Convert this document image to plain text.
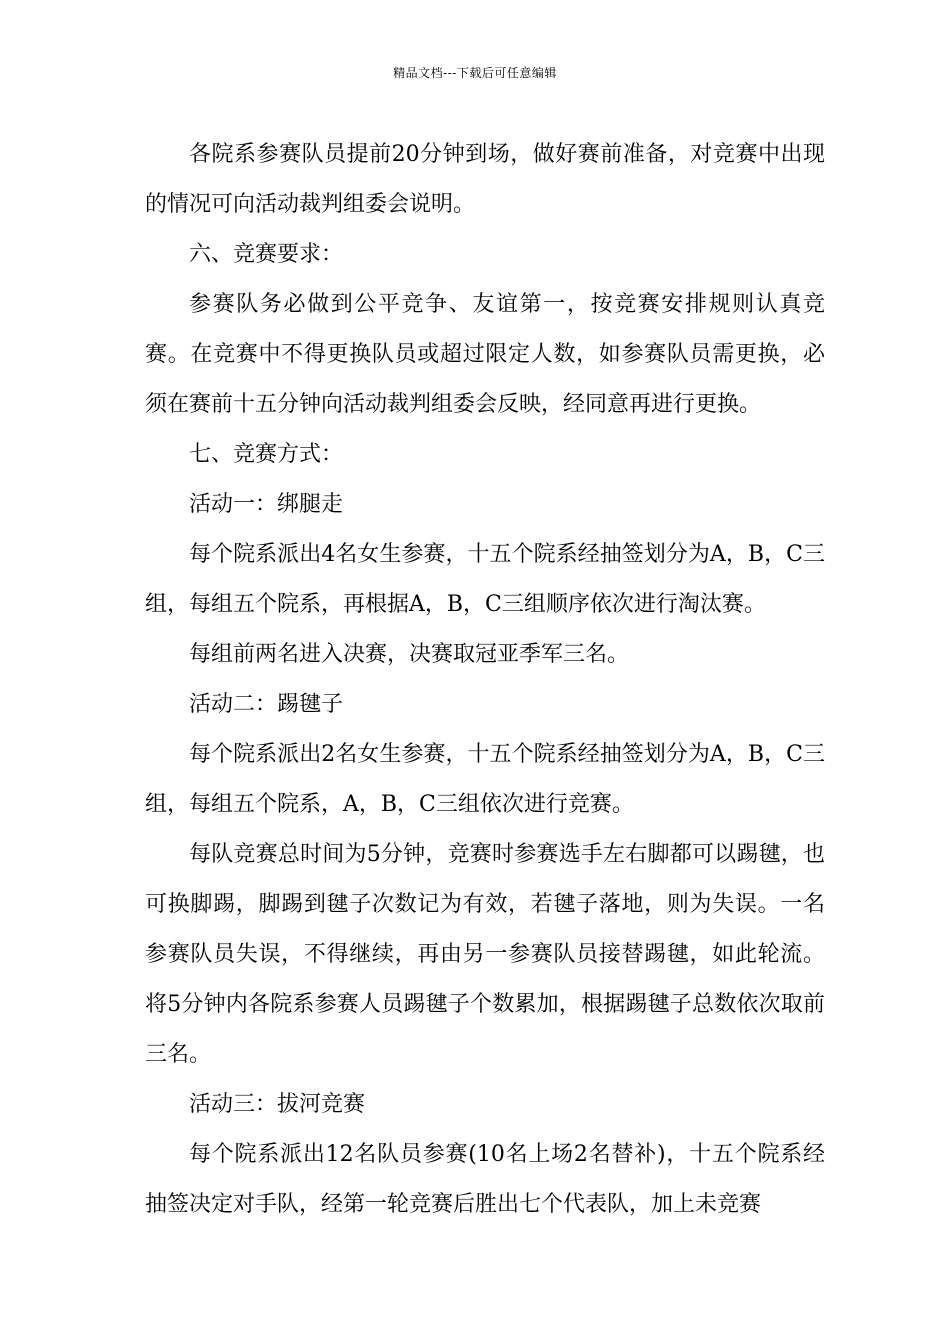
精品文档---下载后可任意编辑

各院系参赛队员提前20分钟到场，做好赛前准备，对竞赛中出现的情况可向活动裁判组委会说明。

六、竞赛要求：

参赛队务必做到公平竞争、友谊第一，按竞赛安排规则认真竞赛。在竞赛中不得更换队员或超过限定人数，如参赛队员需更换，必须在赛前十五分钟向活动裁判组委会反映，经同意再进行更换。

七、竞赛方式：

活动一：绑腿走

每个院系派出4名女生参赛，十五个院系经抽签划分为A，B，C三组，每组五个院系，再根据A，B，C三组顺序依次进行淘汰赛。

每组前两名进入决赛，决赛取冠亚季军三名。

活动二：踢毽子

每个院系派出2名女生参赛，十五个院系经抽签划分为A，B，C三组，每组五个院系，A，B，C三组依次进行竞赛。

每队竞赛总时间为5分钟，竞赛时参赛选手左右脚都可以踢毽，也可换脚踢，脚踢到毽子次数记为有效，若毽子落地，则为失误。一名参赛队员失误，不得继续，再由另一参赛队员接替踢毽，如此轮流。将5分钟内各院系参赛人员踢毽子个数累加，根据踢毽子总数依次取前三名。

活动三：拔河竞赛

每个院系派出12名队员参赛(10名上场2名替补)，十五个院系经抽签决定对手队，经第一轮竞赛后胜出七个代表队，加上未竞赛
